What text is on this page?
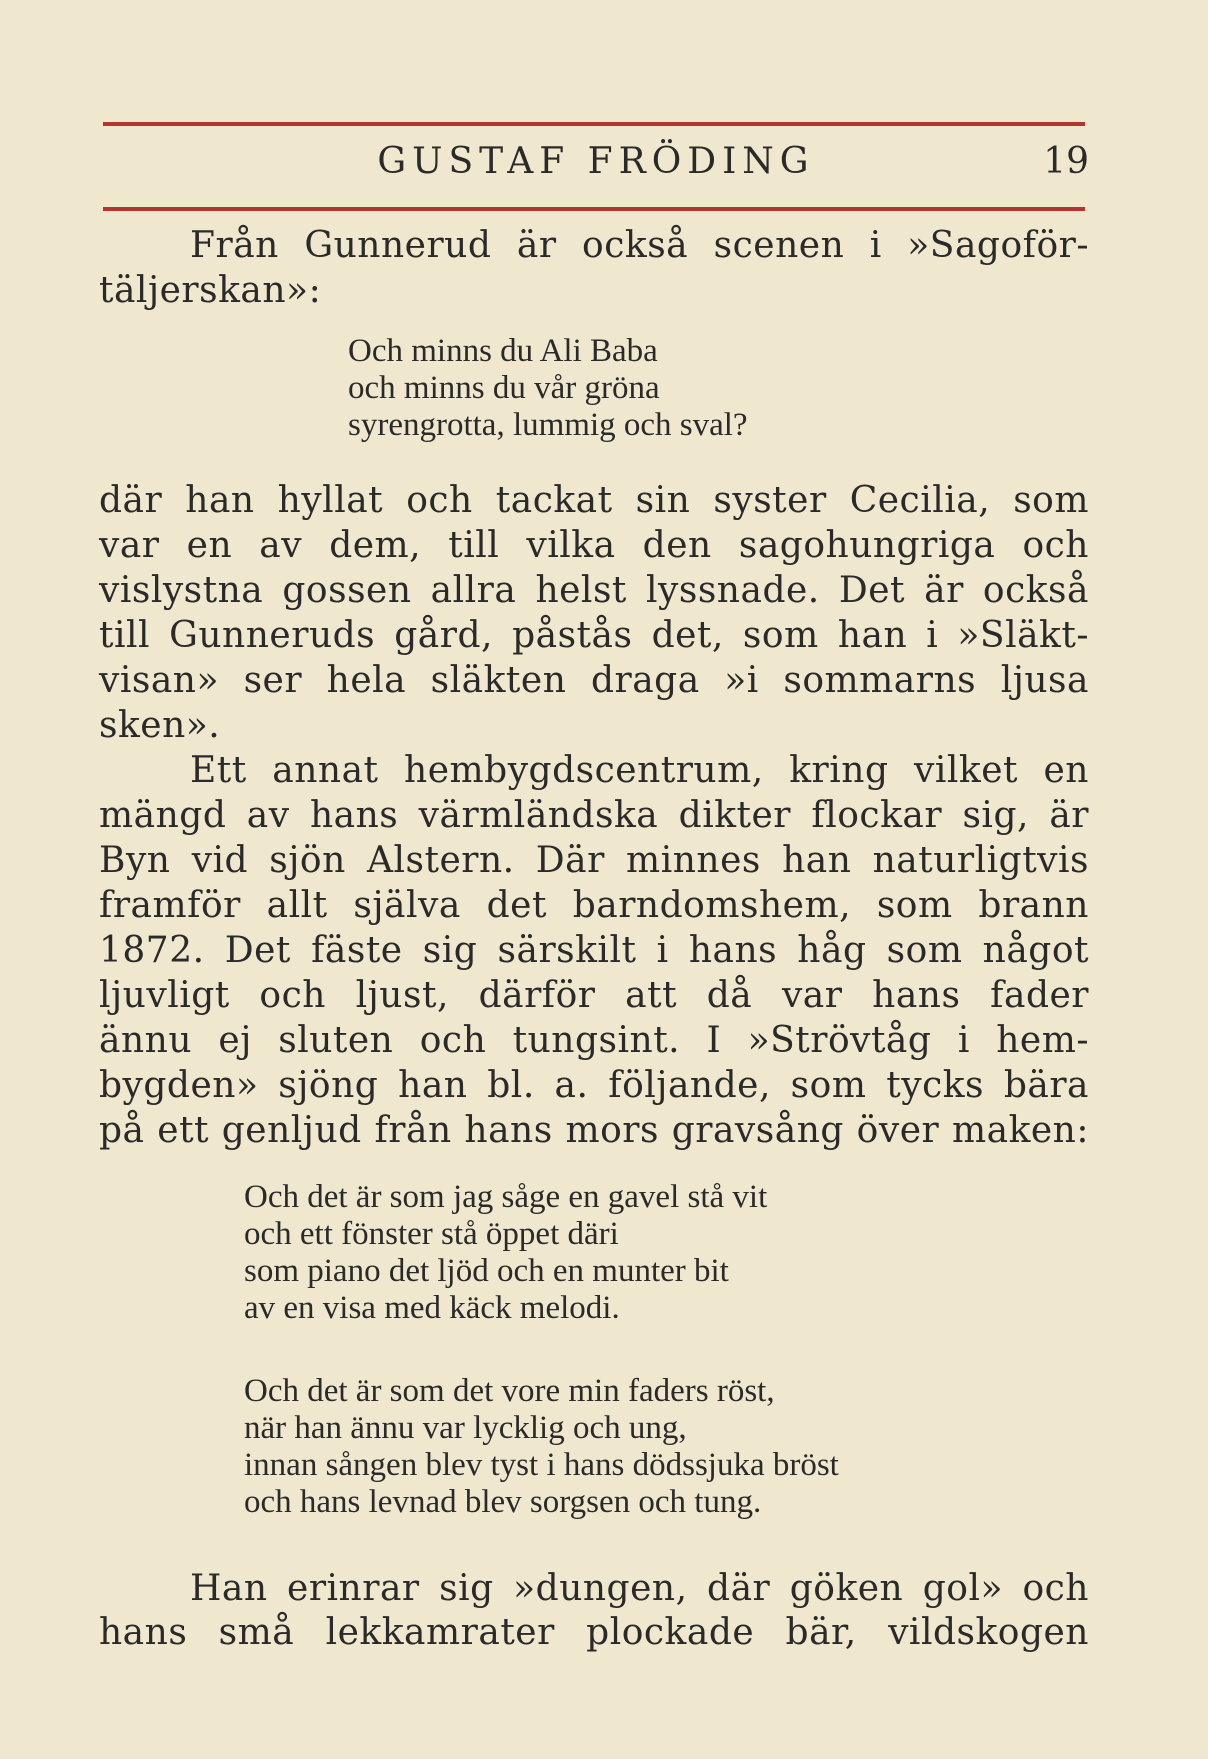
GUSTAF FRÖDING	19
Från Gunnerud är också scenen i »Sagoför-
täljerskan»:
Och minns du Ali Baba
och minns du vår gröna
syrengrotta, lummig och sval?
där han hyllat och tackat sin syster Cecilia, som
var en av dem, till vilka den sagohungriga och
vislystna gossen allra helst lyssnade. Det är också
till Gunneruds gård, påstås det, som han i »Släkt-
visan» ser hela släkten draga »i sommarns ljusa
sken».
Ett annat hembygdscentrum, kring vilket en
mängd av hans värmländska dikter flockar sig, är
Byn vid sjön Alstern. Där minnes han naturligtvis
framför allt själva det barndomshem, som brann
1872. Det fäste sig särskilt i hans håg som något
ljuvligt och ljust, därför att då var hans fader
ännu ej sluten och tungsint. I »Strövtåg i hem-
bygden» sjöng han bl. a. följande, som tycks bära
på ett genljud från hans mors gravsång över maken:
Och det är som jag såge en gavel stå vit
och ett fönster stå öppet däri
som piano det ljöd och en munter bit
av en visa med käck melodi.
Och det är som det vore min faders röst,
när han ännu var lycklig och ung,
innan sången blev tyst i hans dödssjuka bröst
och hans levnad blev sorgsen och tung.
Han erinrar sig »dungen, där göken gol» och
hans små lekkamrater plockade bär, vildskogen
